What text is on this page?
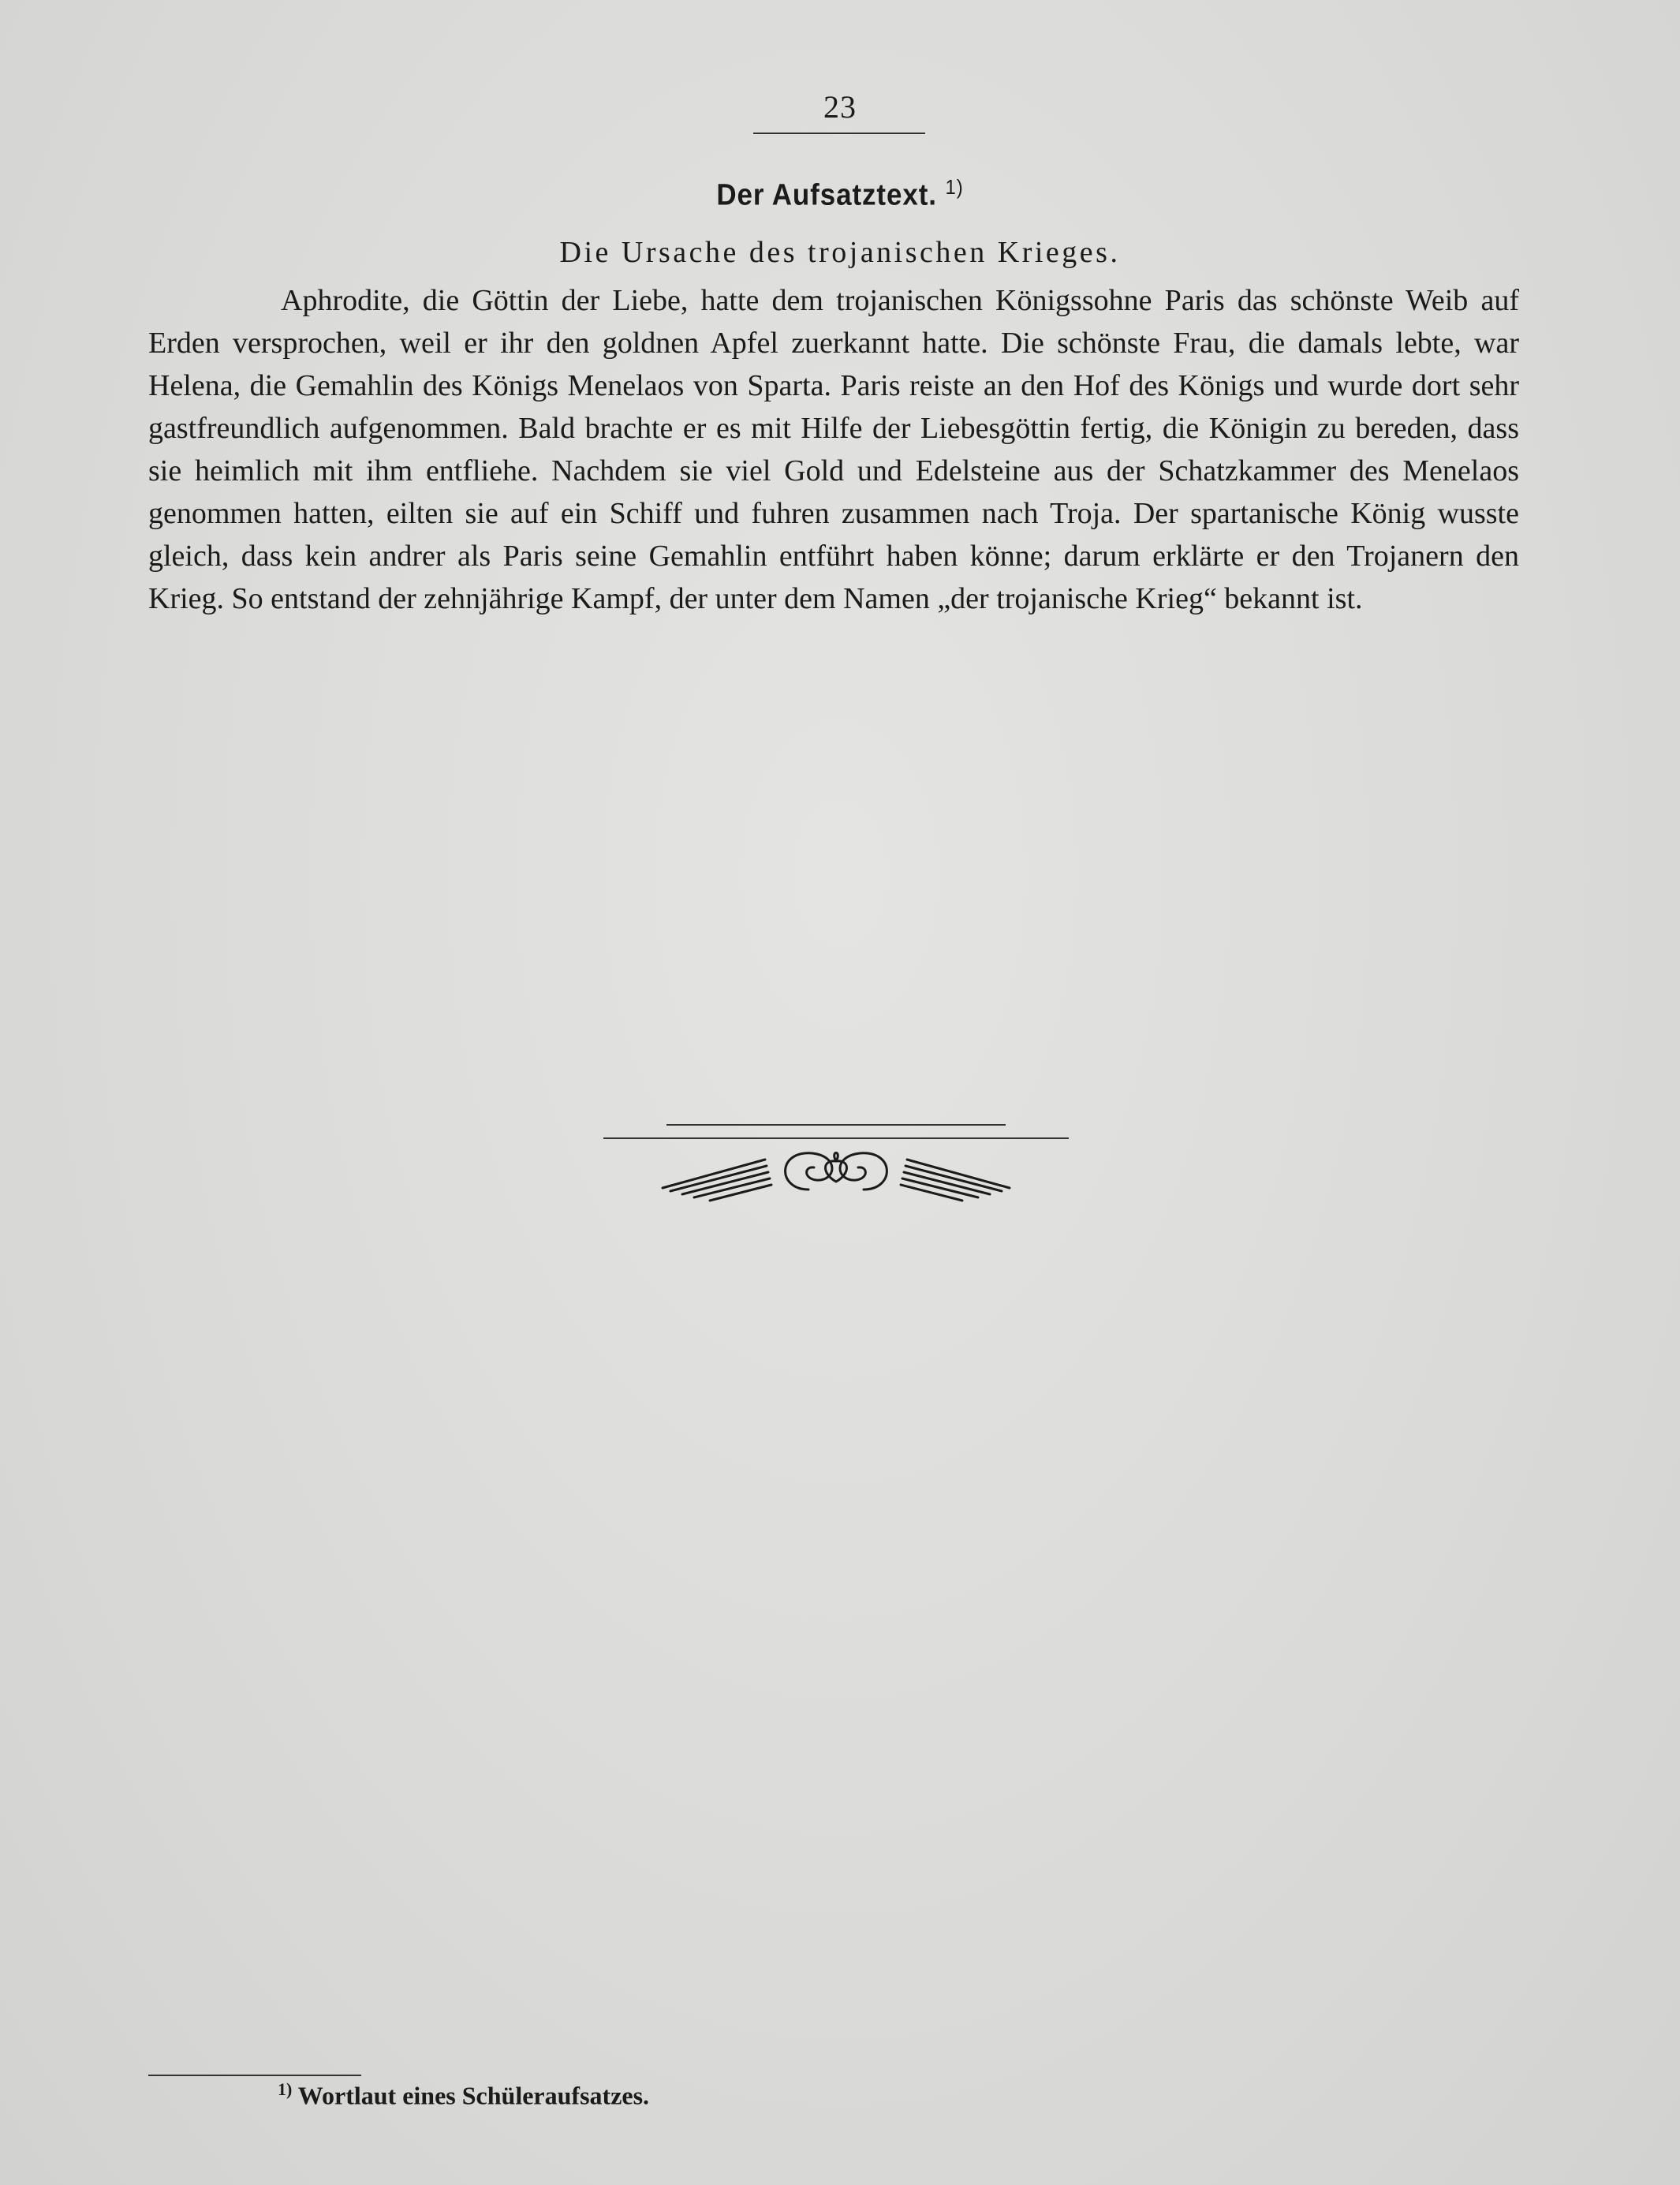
23
Der Aufsatztext. $^{1)}$
Die Ursache des trojanischen Krieges.

Aphrodite, die Göttin der Liebe, hatte dem trojanischen Königssohne Paris das schönste Weib auf Erden versprochen, weil er ihr den goldnen Apfel zuerkannt hatte. Die schönste Frau, die damals lebte, war Helena, die Gemahlin des Königs Menelaos von Sparta. Paris reiste an den Hof des Königs und wurde dort sehr gastfreundlich aufgenommen. Bald brachte er es mit Hilfe der Liebesgöttin fertig, die Königin zu bereden, dass sie heimlich mit ihm entfliehe. Nachdem sie viel Gold und Edelsteine aus der Schatzkammer des Menelaos genommen hatten, eilten sie auf ein Schiff und fuhren zusammen nach Troja. Der spartanische König wusste gleich, dass kein andrer als Paris seine Gemahlin entführt haben könne; darum erklärte er den Trojanern den Krieg. So entstand der zehnjährige Kampf, der unter dem Namen „der trojanische Krieg“ bekannt ist.

$^{1)}$ Wortlaut eines Schüleraufsatzes.
